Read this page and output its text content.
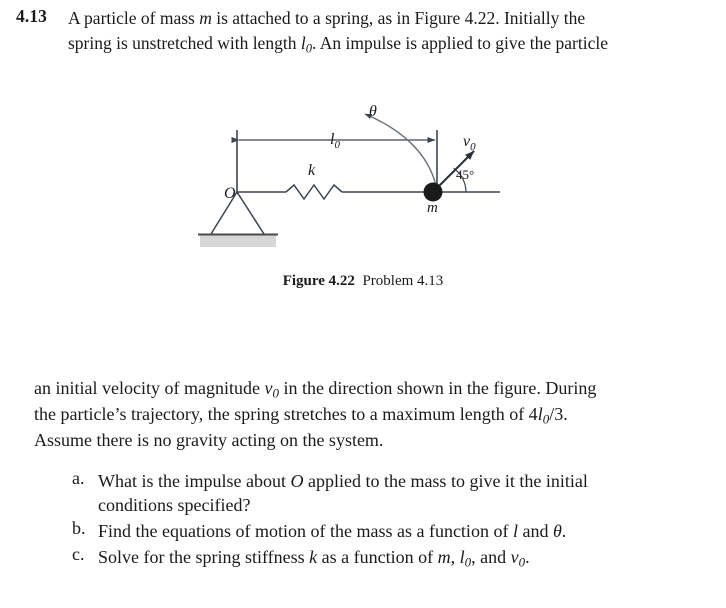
4.13 A particle of mass m is attached to a spring, as in Figure 4.22. Initially the
spring is unstretched with length $l_0$. An impulse is applied to give the particle
O
$l_0$
k
m
$v_0$
θ
45°
Figure 4.22 Problem 4.13
an initial velocity of magnitude $v_0$ in the direction shown in the figure. During
the particle’s trajectory, the spring stretches to a maximum length of $4l_0/3$.
Assume there is no gravity acting on the system.
a. What is the impulse about O applied to the mass to give it the initial
conditions specified?
b. Find the equations of motion of the mass as a function of l and θ.
c. Solve for the spring stiffness k as a function of m, $l_0$, and $v_0$.
